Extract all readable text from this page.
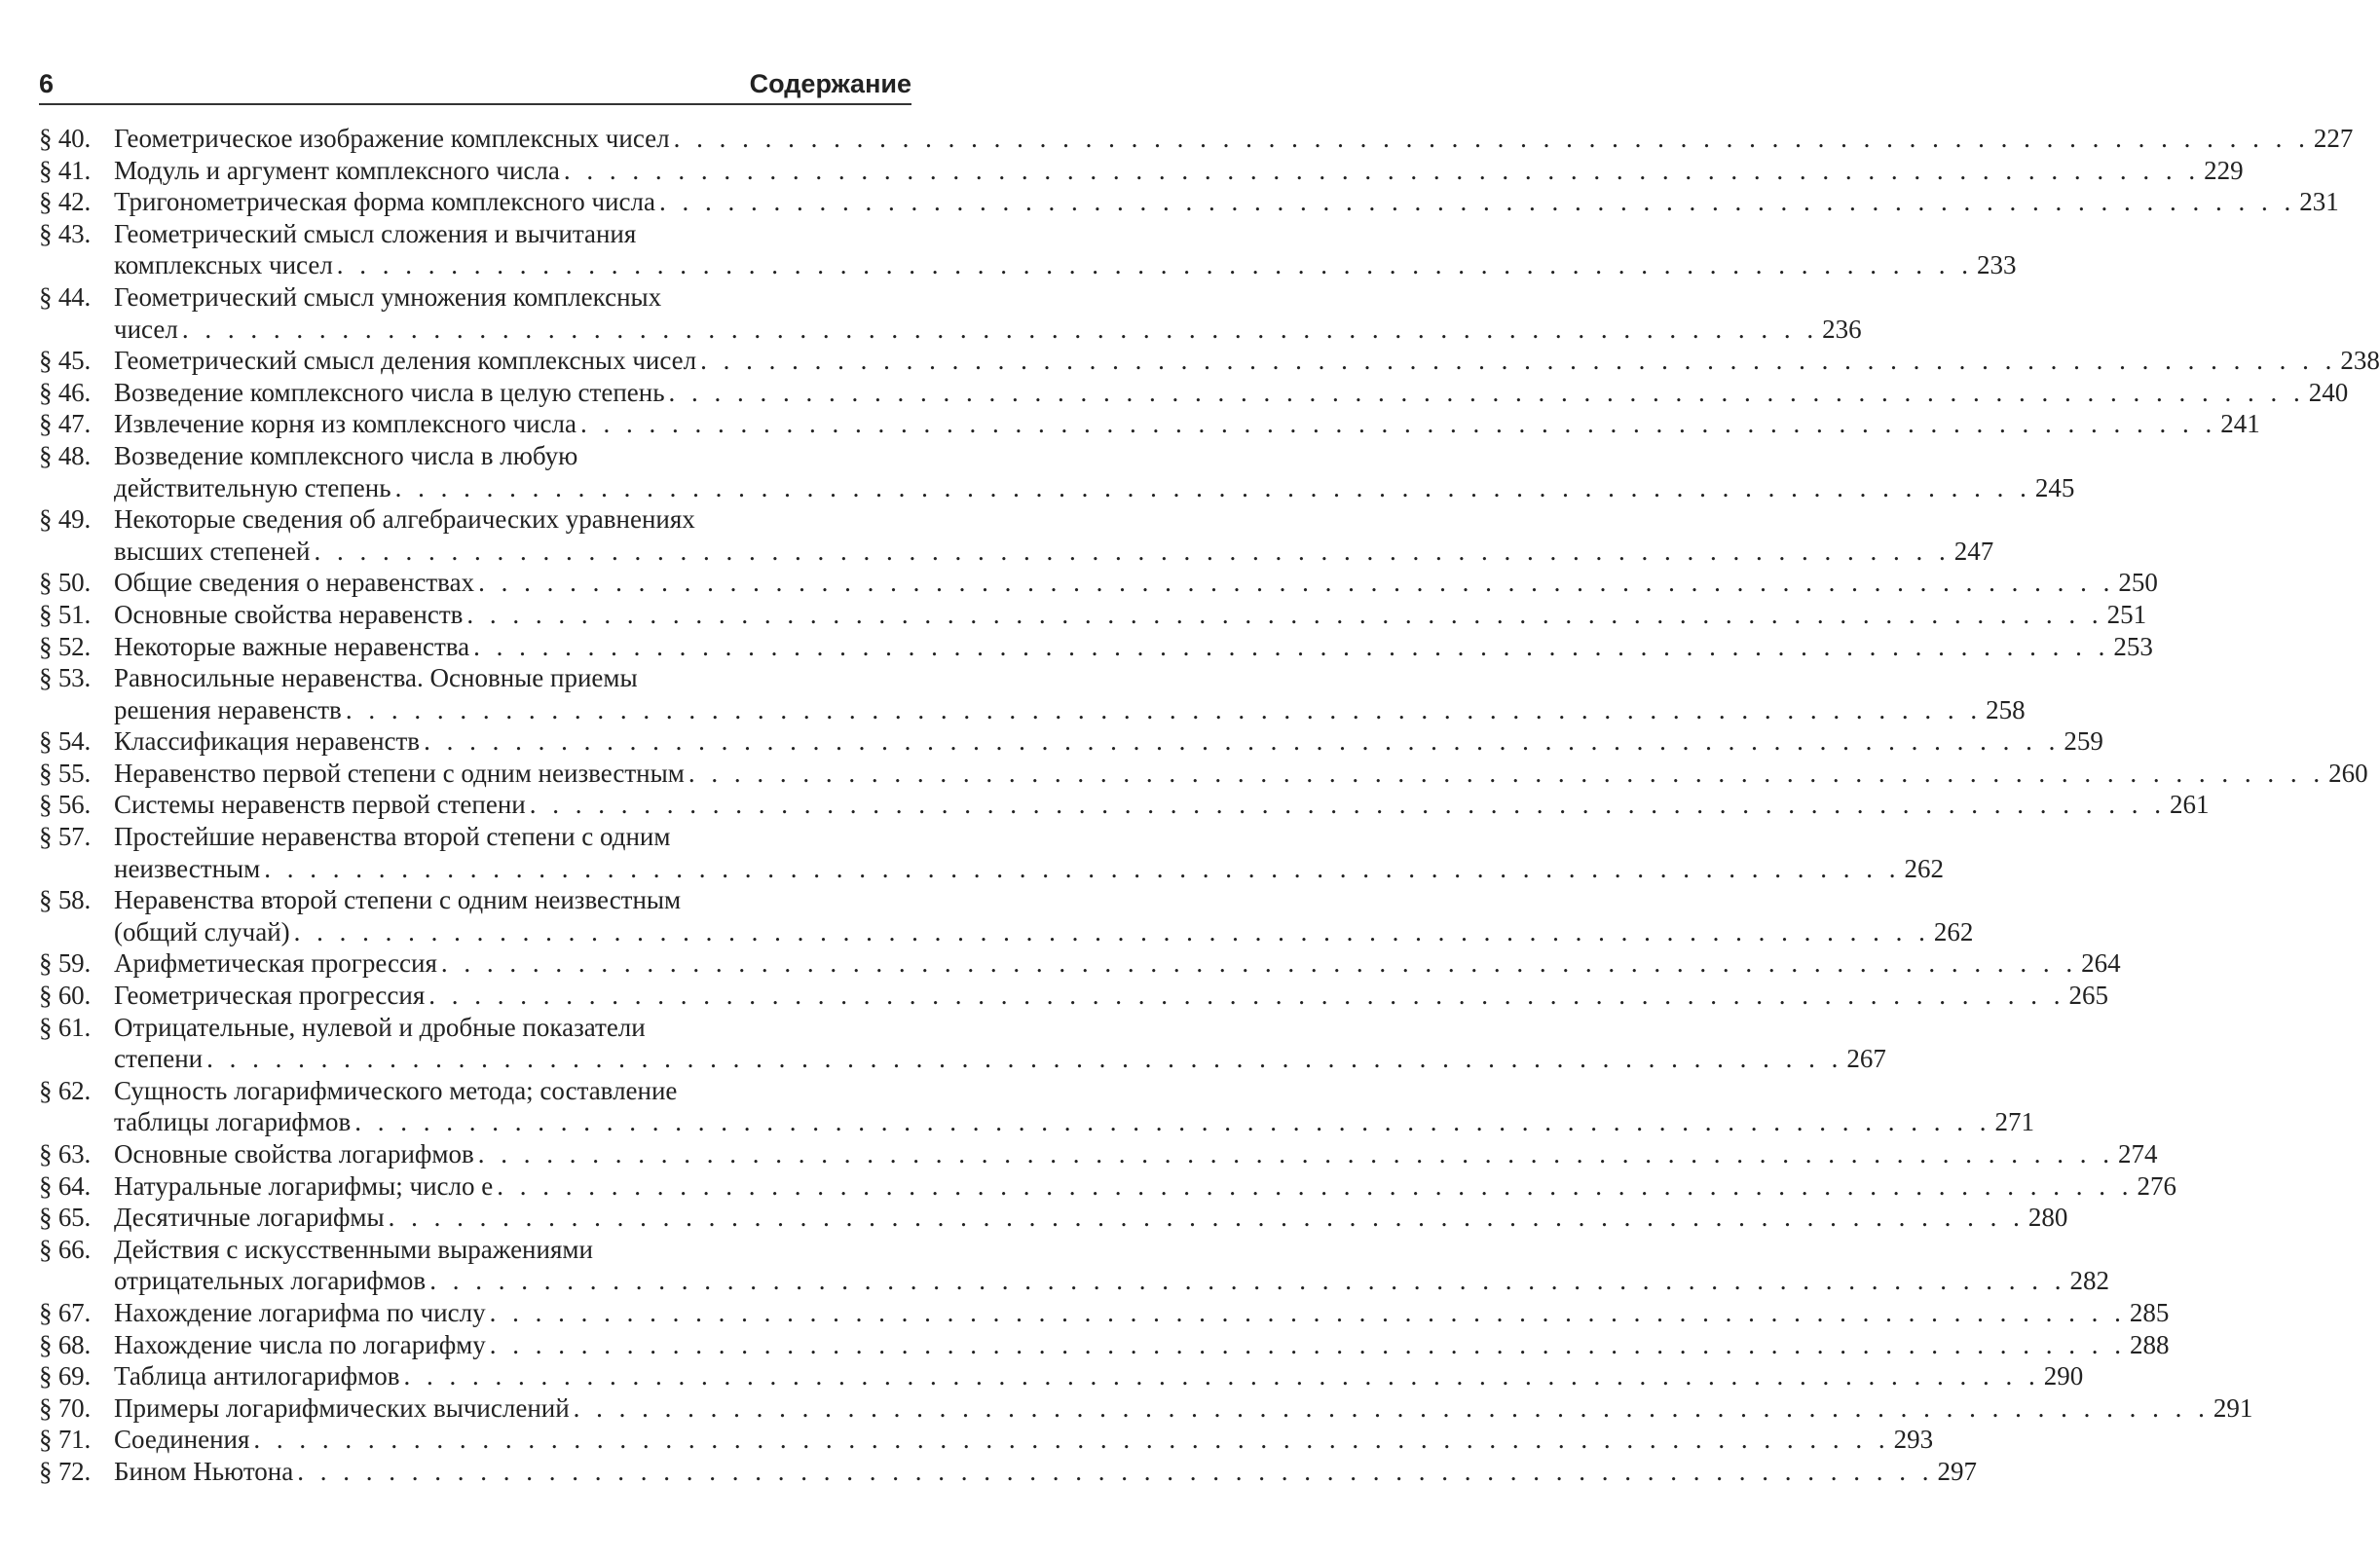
6	Содержание
§ 40. Геометрическое изображение комплексных чисел . . .	227
§ 41. Модуль и аргумент комплексного числа . . .	229
§ 42. Тригонометрическая форма комплексного числа . . .	231
§ 43. Геометрический смысл сложения и вычитания
комплексных чисел . . .	233
§ 44. Геометрический смысл умножения комплексных
чисел . . .	236
§ 45. Геометрический смысл деления комплексных чисел . . .	238
§ 46. Возведение комплексного числа в целую степень . . .	240
§ 47. Извлечение корня из комплексного числа . . .	241
§ 48. Возведение комплексного числа в любую
действительную степень . . .	245
§ 49. Некоторые сведения об алгебраических уравнениях
высших степеней . . .	247
§ 50. Общие сведения о неравенствах . . .	250
§ 51. Основные свойства неравенств . . .	251
§ 52. Некоторые важные неравенства . . .	253
§ 53. Равносильные неравенства. Основные приемы
решения неравенств . . .	258
§ 54. Классификация неравенств . . .	259
§ 55. Неравенство первой степени с одним неизвестным . . .	260
§ 56. Системы неравенств первой степени . . .	261
§ 57. Простейшие неравенства второй степени с одним
неизвестным . . .	262
§ 58. Неравенства второй степени с одним неизвестным
(общий случай) . . .	262
§ 59. Арифметическая прогрессия . . .	264
§ 60. Геометрическая прогрессия . . .	265
§ 61. Отрицательные, нулевой и дробные показатели
степени . . .	267
§ 62. Сущность логарифмического метода; составление
таблицы логарифмов . . .	271
§ 63. Основные свойства логарифмов . . .	274
§ 64. Натуральные логарифмы; число e . . .	276
§ 65. Десятичные логарифмы . . .	280
§ 66. Действия с искусственными выражениями
отрицательных логарифмов . . .	282
§ 67. Нахождение логарифма по числу . . .	285
§ 68. Нахождение числа по логарифму . . .	288
§ 69. Таблица антилогарифмов . . .	290
§ 70. Примеры логарифмических вычислений . . .	291
§ 71. Соединения . . .	293
§ 72. Бином Ньютона . . .	297
